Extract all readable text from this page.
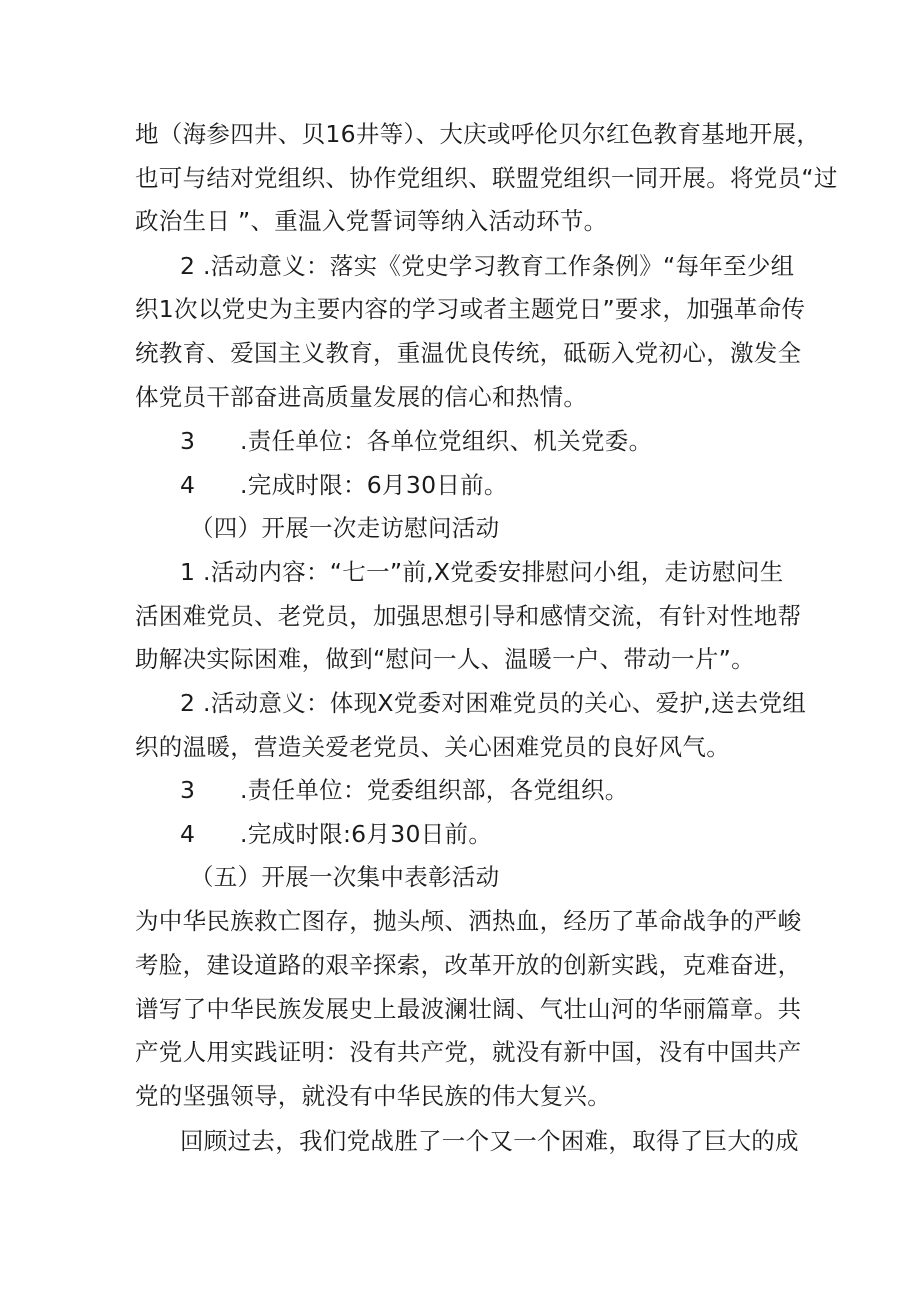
地（海参四井、贝16井等）、大庆或呼伦贝尔红色教育基地开展，
也可与结对党组织、协作党组织、联盟党组织一同开展。将党员“过
政治生日 ”、重温入党誓词等纳入活动环节。
2 .活动意义：落实《党史学习教育工作条例》“每年至少组
织1次以党史为主要内容的学习或者主题党日”要求，加强革命传
统教育、爱国主义教育，重温优良传统，砥砺入党初心，激发全
体党员干部奋进高质量发展的信心和热情。
3 .责任单位：各单位党组织、机关党委。
4 .完成时限：6月30日前。
（四）开展一次走访慰问活动
1 .活动内容：“七一”前,X党委安排慰问小组，走访慰问生
活困难党员、老党员，加强思想引导和感情交流，有针对性地帮
助解决实际困难，做到“慰问一人、温暖一户、带动一片”。
2 .活动意义：体现X党委对困难党员的关心、爱护,送去党组
织的温暖，营造关爱老党员、关心困难党员的良好风气。
3 .责任单位：党委组织部，各党组织。
4 .完成时限:6月30日前。
（五）开展一次集中表彰活动
为中华民族救亡图存，抛头颅、洒热血，经历了革命战争的严峻
考脸，建设道路的艰辛探索，改革开放的创新实践，克难奋进，
谱写了中华民族发展史上最波澜壮阔、气壮山河的华丽篇章。共
产党人用实践证明：没有共产党，就没有新中国，没有中国共产
党的坚强领导，就没有中华民族的伟大复兴。
回顾过去，我们党战胜了一个又一个困难，取得了巨大的成
